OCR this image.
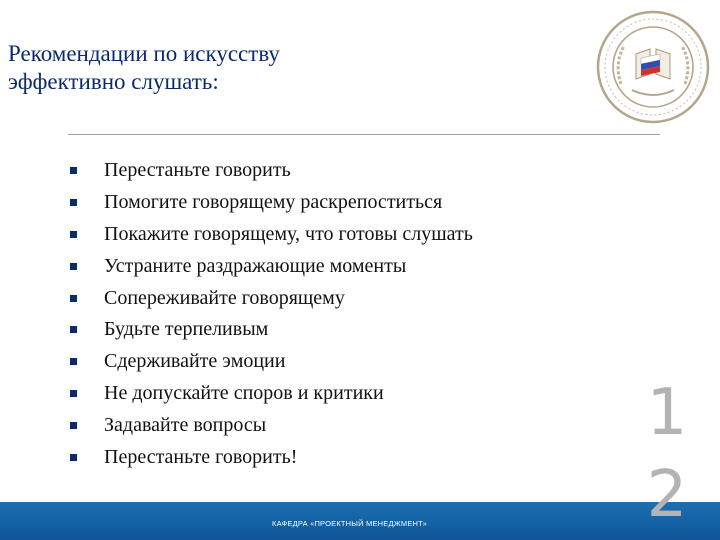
Рекомендации по искусству
эффективно слушать:
Перестаньте говорить
Помогите говорящему раскрепоститься
Покажите говорящему, что готовы слушать
Устраните раздражающие моменты
Сопереживайте говорящему
Будьте терпеливым
Сдерживайте эмоции
Не допускайте споров и критики
Задавайте вопросы
Перестаньте говорить!
КАФЕДРА «ПРОЕКТНЫЙ МЕНЕДЖМЕНТ»
1
2
